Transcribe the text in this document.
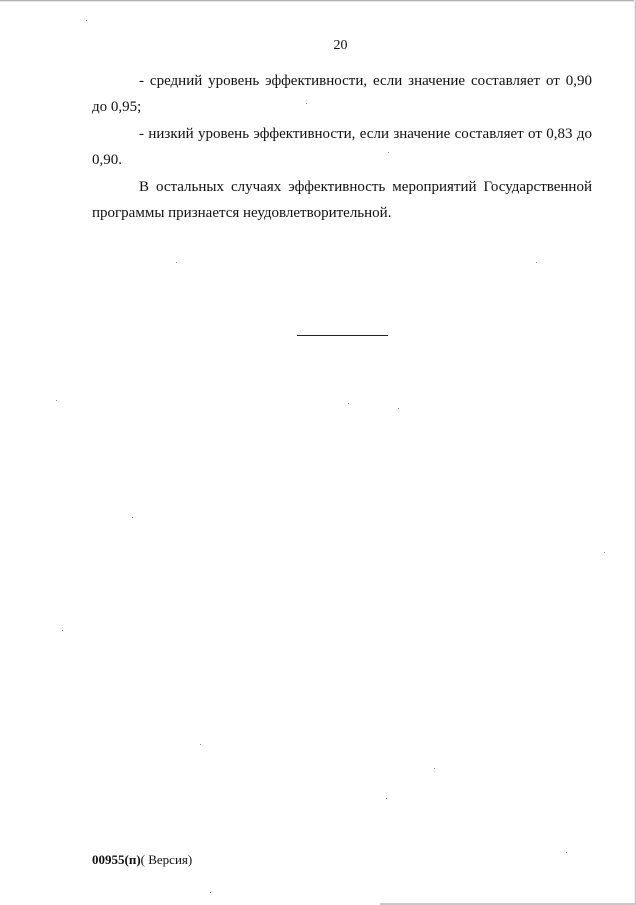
20

- средний уровень эффективности, если значение составляет от 0,90 до 0,95;

- низкий уровень эффективности, если значение составляет от 0,83 до 0,90.

В остальных случаях эффективность мероприятий Государственной программы признается неудовлетворительной.

00955(п)( Версия)
